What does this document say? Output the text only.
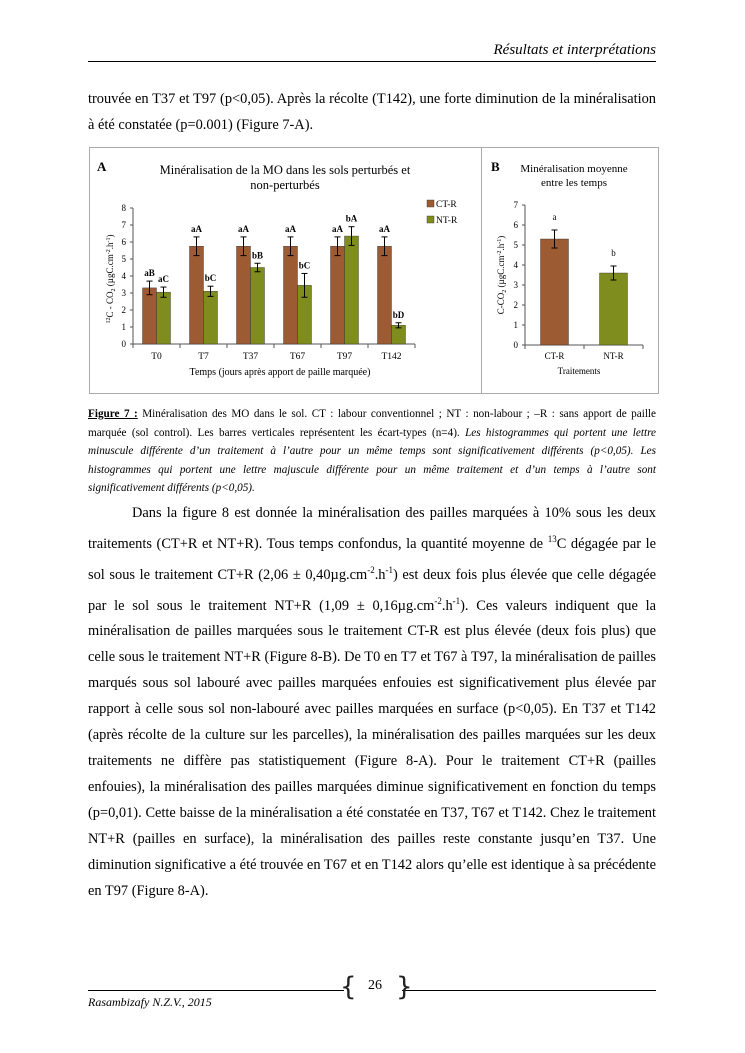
Résultats et interprétations
trouvée en T37 et T97 (p<0,05). Après la récolte (T142), une forte diminution de la minéralisation à été constatée (p=0.001) (Figure 7-A).
A	Minéralisation de la MO dans les sols perturbés et
non-perturbés
0
1
2
3
4
5
6
7
8
aB
aC
T0
aA
bC
T7
aA
bB
T37
aA
bC
T67
aA
bA
T97
aA
bD
T142
CT-R
NT-R
Temps (jours après apport de paille marquée)
$^{12}C - CO_2$ $(\mu gC.cm^{-2}.h^{-1})$
B Minéralisation moyenne
entre les temps
0
1
2
3
4
5
6
7
a
CT-R
b
NT-R
Traitements
$C-CO_2$ $(\mu gC.cm^{-2}.h^{-1})$
Figure 7 : Minéralisation des MO dans le sol. CT : labour conventionnel ; NT : non-labour ; –R : sans apport de paille marquée (sol control). Les barres verticales représentent les écart-types (n=4). Les histogrammes qui portent une lettre minuscule différente d’un traitement à l’autre pour un même temps sont significativement différents (p<0,05). Les histogrammes qui portent une lettre majuscule différente pour un même traitement et d’un temps à l’autre sont significativement différents (p<0,05).
Dans la figure 8 est donnée la minéralisation des pailles marquées à 10% sous les deux traitements (CT+R et NT+R). Tous temps confondus, la quantité moyenne de $^{13}$C dégagée par le sol sous le traitement CT+R $(2,06 \pm 0,40\mu g.cm^{-2}.h^{-1})$ est deux fois plus élevée que celle dégagée par le sol sous le traitement NT+R $(1,09 \pm 0,16\mu g.cm^{-2}.h^{-1})$. Ces valeurs indiquent que la minéralisation de pailles marquées sous le traitement CT-R est plus élevée (deux fois plus) que celle sous le traitement NT+R (Figure 8-B). De T0 en T7 et T67 à T97, la minéralisation de pailles marqués sous sol labouré avec pailles marquées enfouies est significativement plus élevée par rapport à celle sous sol non-labouré avec pailles marquées en surface (p<0,05). En T37 et T142 (après récolte de la culture sur les parcelles), la minéralisation des pailles marquées sur les deux traitements ne diffère pas statistiquement (Figure 8-A). Pour le traitement CT+R (pailles enfouies), la minéralisation des pailles marquées diminue significativement en fonction du temps (p=0,01). Cette baisse de la minéralisation a été constatée en T37, T67 et T142. Chez le traitement NT+R (pailles en surface), la minéralisation des pailles reste constante jusqu’en T37. Une diminution significative a été trouvée en T67 et en T142 alors qu’elle est identique à sa précédente en T97 (Figure 8-A).
{ }
26
Rasambizafy N.Z.V., 2015
